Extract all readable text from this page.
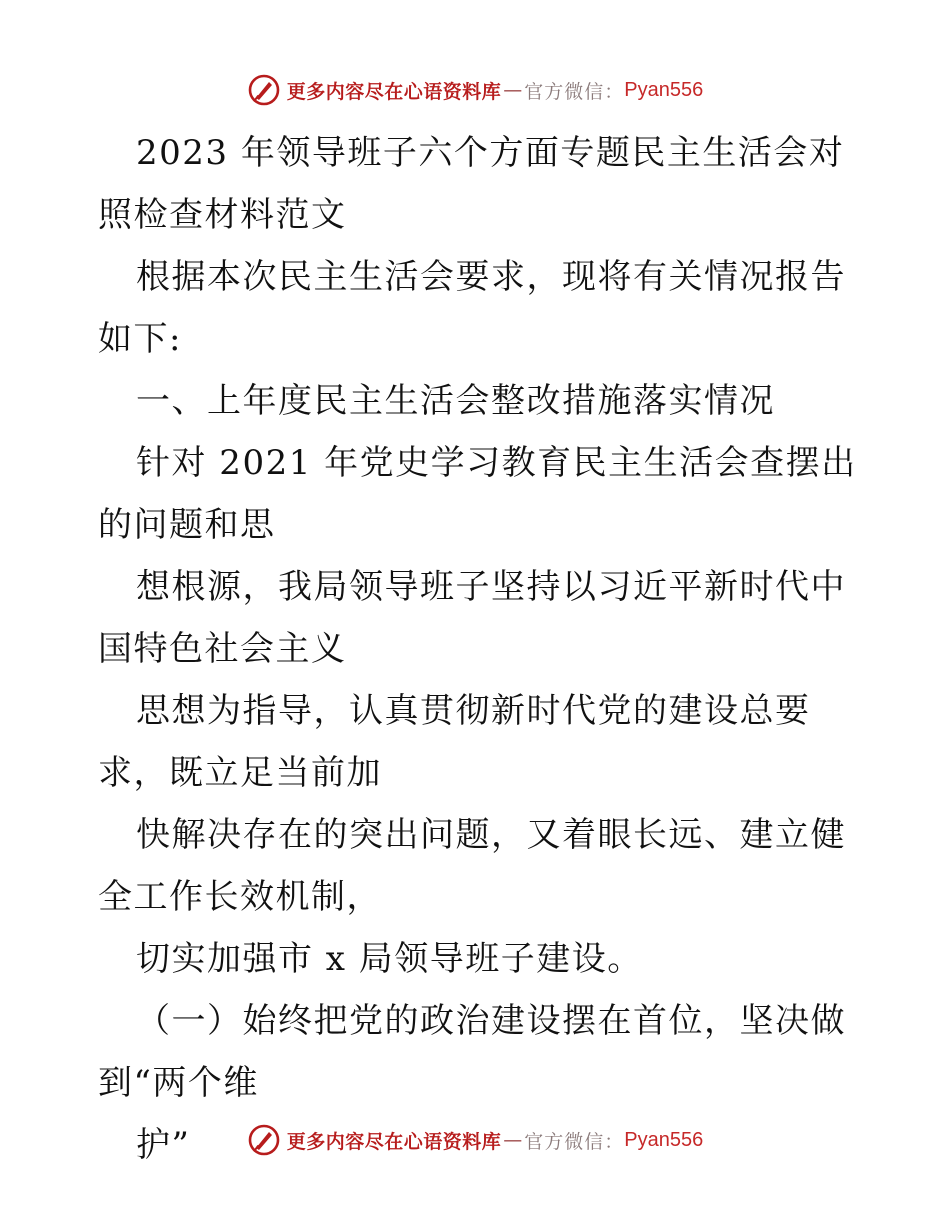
更多内容尽在心语资料库 — 官方微信： Pyan556

2023 年领导班子六个方面专题民主生活会对照检查材料范文

根据本次民主生活会要求，现将有关情况报告如下:

一、上年度民主生活会整改措施落实情况

针对 2021 年党史学习教育民主生活会查摆出的问题和思

想根源，我局领导班子坚持以习近平新时代中国特色社会主义

思想为指导，认真贯彻新时代党的建设总要求，既立足当前加

快解决存在的突出问题，又着眼长远、建立健全工作长效机制，

切实加强市 x 局领导班子建设。

（一）始终把党的政治建设摆在首位，坚决做到“两个维

护”	更多内容尽在心语资料库 — 官方微信： Pyan556
